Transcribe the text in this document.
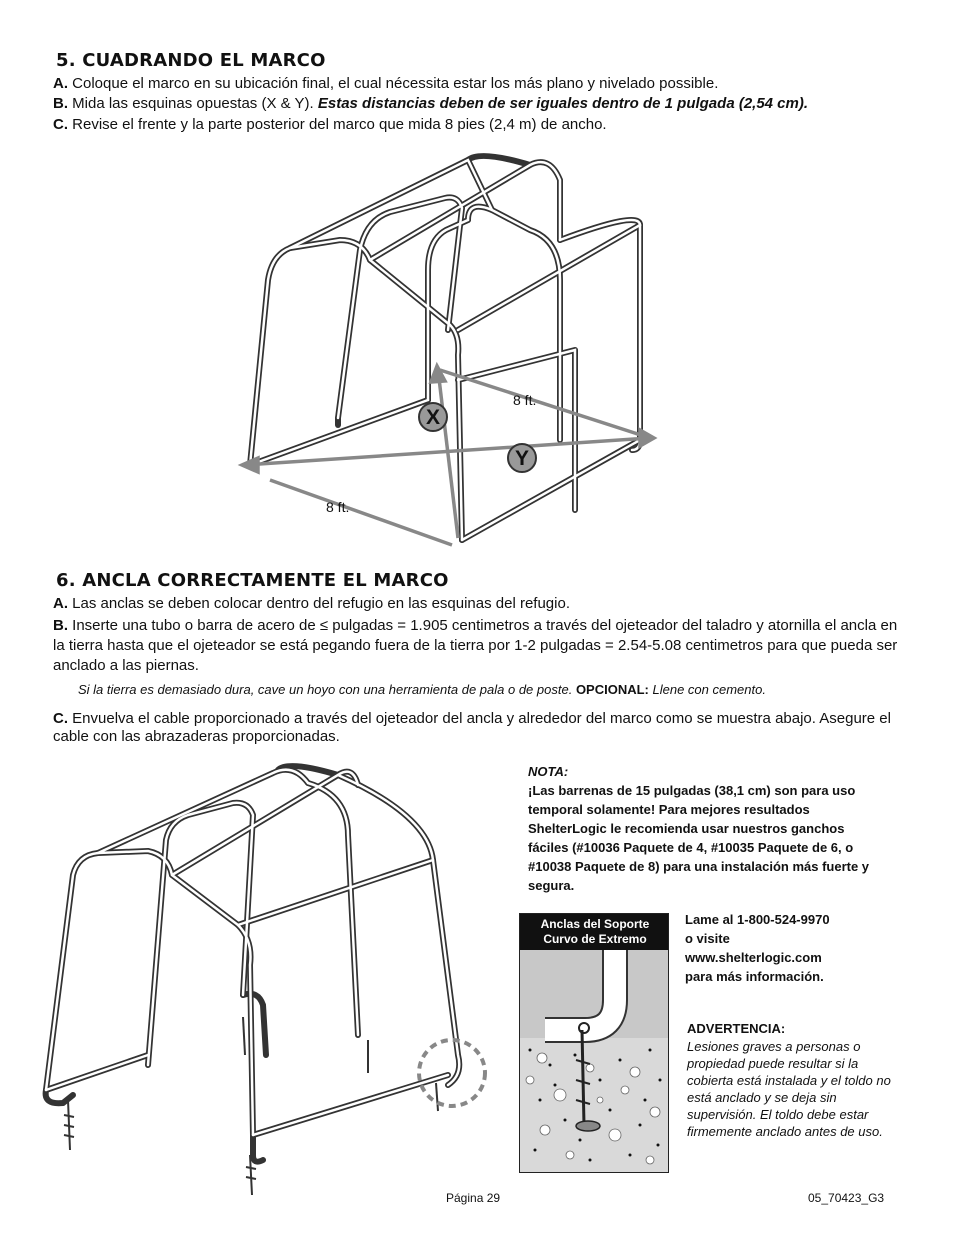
5. CUADRANDO EL MARCO
A. Coloque el marco en su ubicación final, el cual nécessita estar los más plano y nivelado possible.
B. Mida las esquinas opuestas (X & Y). Estas distancias deben de ser iguales dentro de 1 pulgada (2,54 cm).
C. Revise el frente y la parte posterior del marco que mida 8 pies (2,4 m) de ancho.
X
Y
8 ft.
8 ft.
6. ANCLA CORRECTAMENTE EL MARCO
A. Las anclas se deben colocar dentro del refugio en las esquinas del refugio.
B. Inserte una tubo o barra de acero de ≤ pulgadas = 1.905 centimetros a través del ojeteador del taladro y atornilla el ancla en la tierra hasta que el ojeteador se está pegando fuera de la tierra por 1-2 pulgadas = 2.54-5.08 centimetros para que pueda ser anclado a las piernas.
Si la tierra es demasiado dura, cave un hoyo con una herramienta de pala o de poste. OPCIONAL: Llene con cemento.
C. Envuelva el cable proporcionado a través del ojeteador del ancla y alrededor del marco como se muestra abajo. Asegure el cable con las abrazaderas proporcionadas.
NOTA:
¡Las barrenas de 15 pulgadas (38,1 cm) son para uso temporal solamente! Para mejores resultados ShelterLogic le recomienda usar nuestros ganchos fáciles (#10036 Paquete de 4, #10035 Paquete de 6, o #10038 Paquete de 8) para una instalación más fuerte y segura.
Anclas del Soporte
Curvo de Extremo
Lame al 1-800-524-9970
o visite
www.shelterlogic.com
para más información.
ADVERTENCIA:
Lesiones graves a personas o propiedad puede resultar si la cobierta está instalada y el toldo no está anclado y se deja sin supervisión. El toldo debe estar firmemente anclado antes de uso.
Página 29	05_70423_G3
